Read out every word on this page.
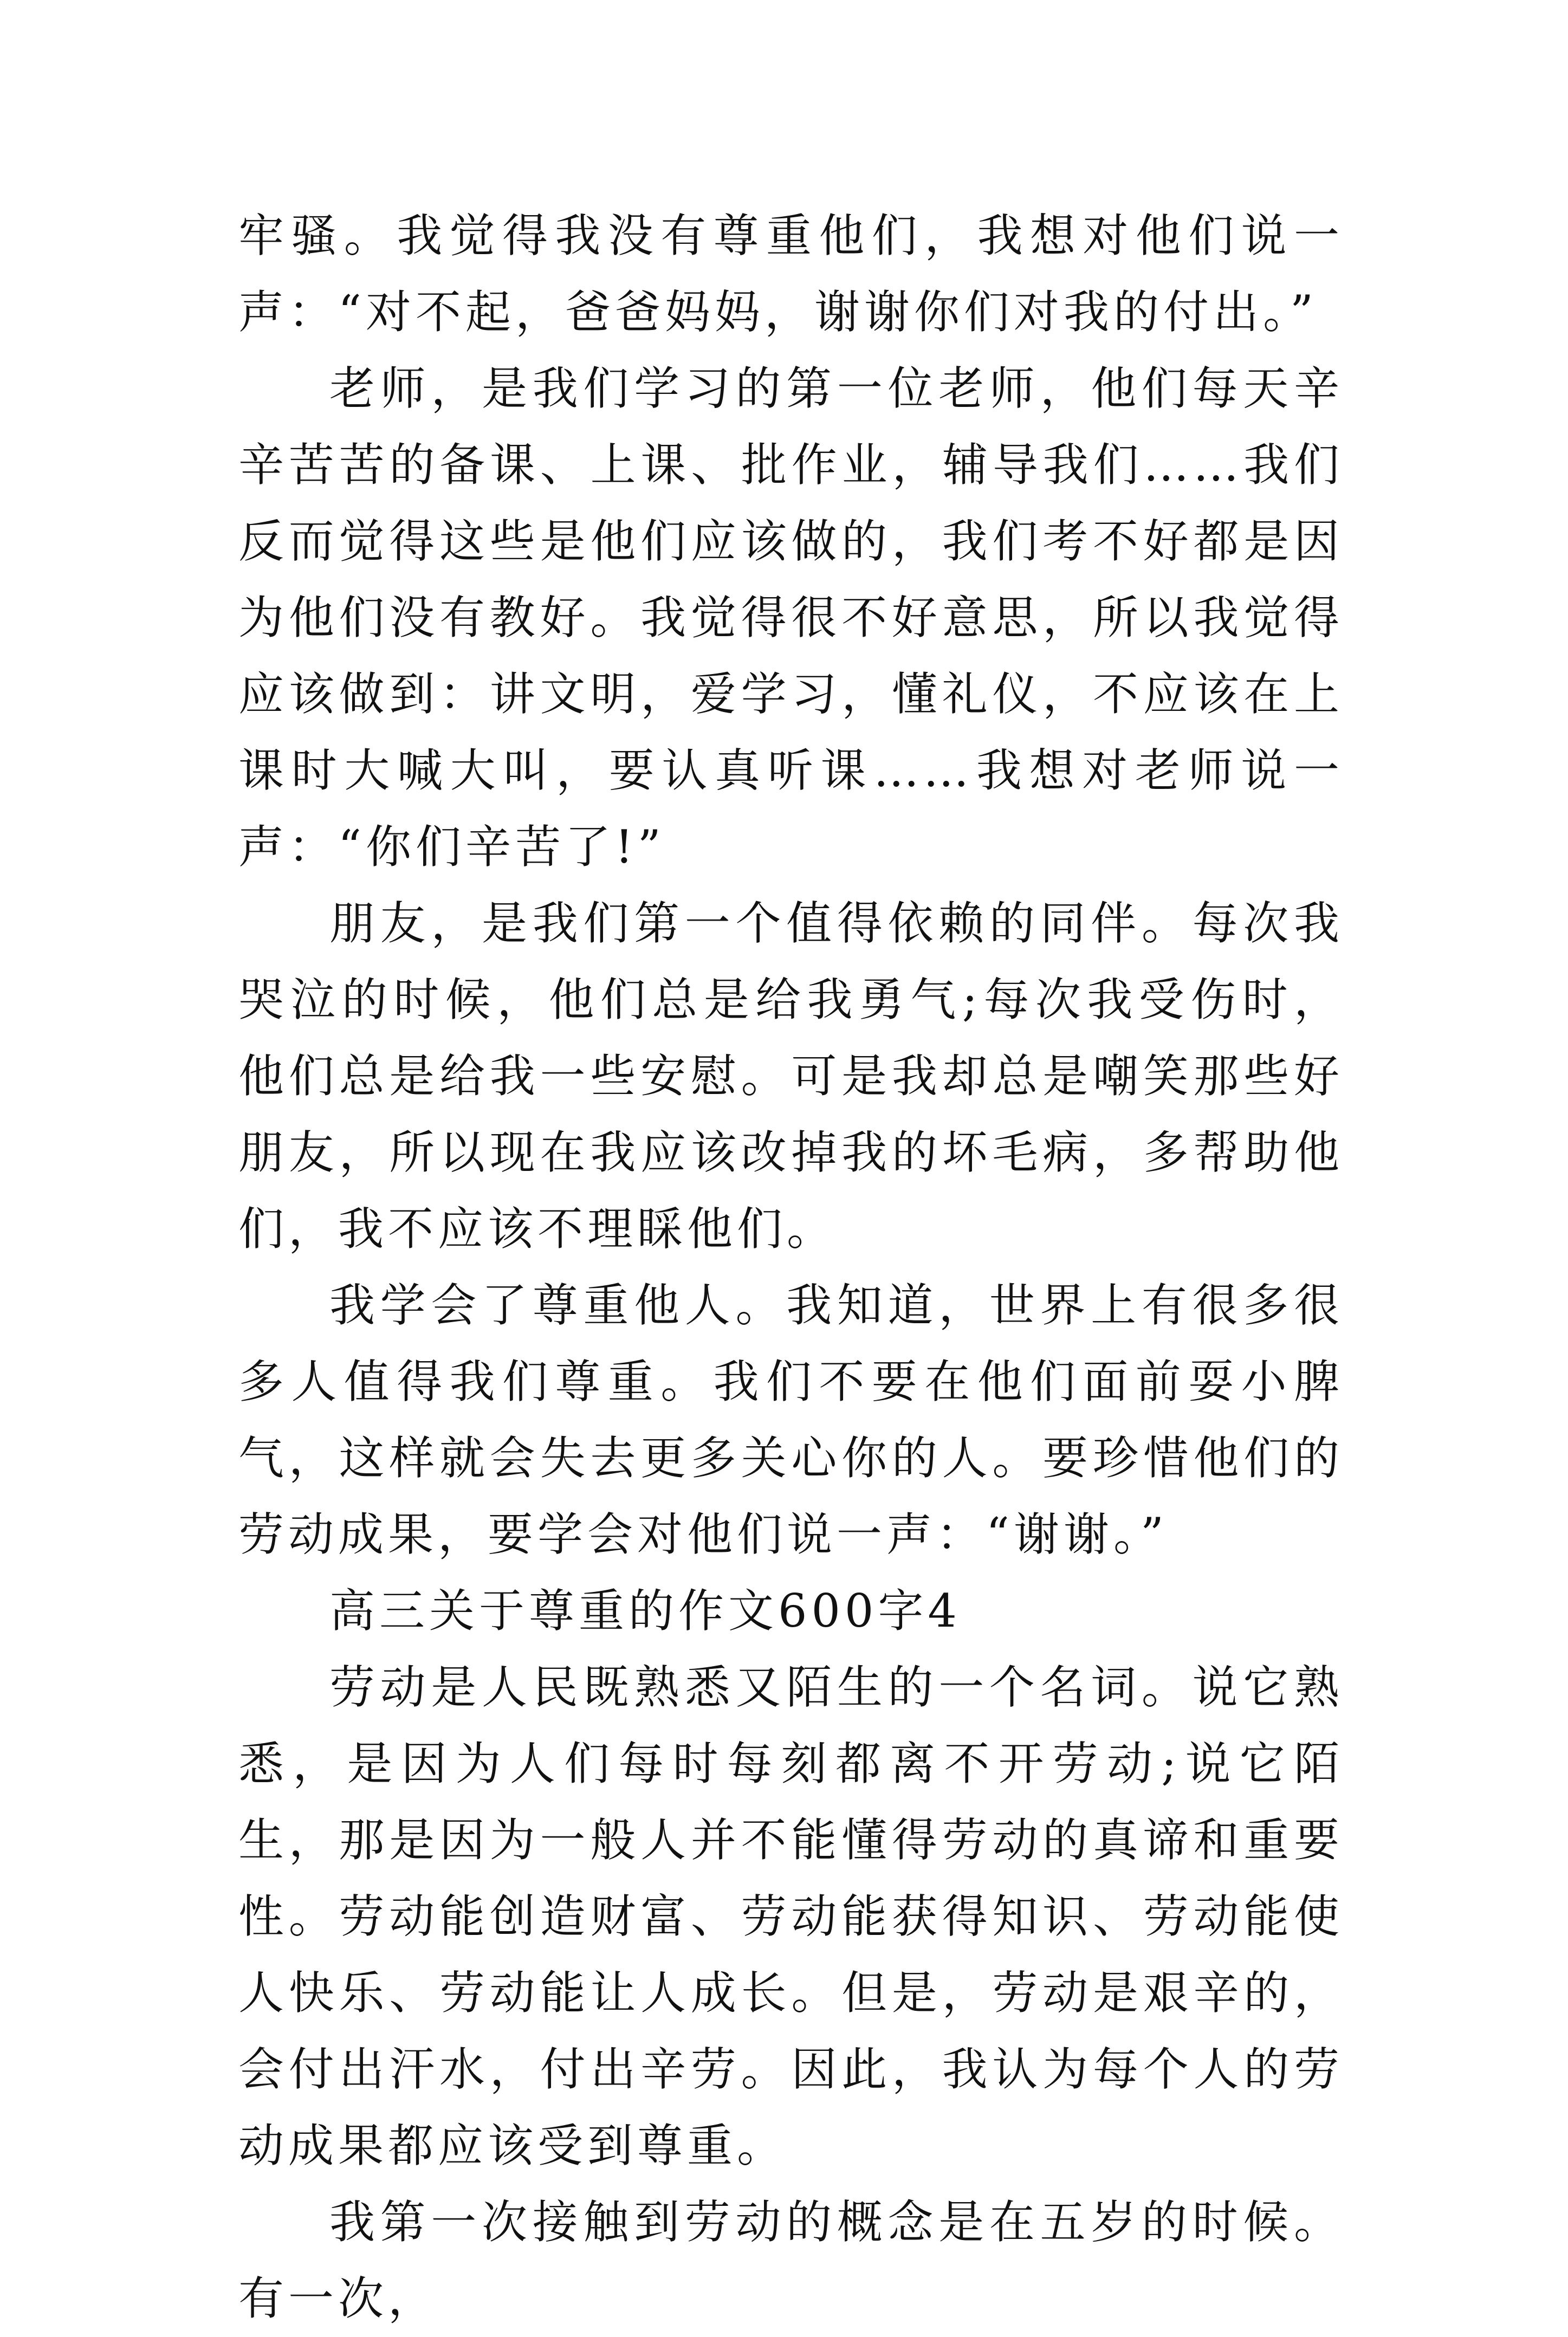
牢骚。我觉得我没有尊重他们，我想对他们说一声：“对不起，爸爸妈妈，谢谢你们对我的付出。”

老师，是我们学习的第一位老师，他们每天辛辛苦苦的备课、上课、批作业，辅导我们……我们反而觉得这些是他们应该做的，我们考不好都是因为他们没有教好。我觉得很不好意思，所以我觉得应该做到：讲文明，爱学习，懂礼仪，不应该在上课时大喊大叫，要认真听课……我想对老师说一声：“你们辛苦了!”

朋友，是我们第一个值得依赖的同伴。每次我哭泣的时候，他们总是给我勇气;每次我受伤时，他们总是给我一些安慰。可是我却总是嘲笑那些好朋友，所以现在我应该改掉我的坏毛病，多帮助他们，我不应该不理睬他们。

我学会了尊重他人。我知道，世界上有很多很多人值得我们尊重。我们不要在他们面前耍小脾气，这样就会失去更多关心你的人。要珍惜他们的劳动成果，要学会对他们说一声：“谢谢。”

高三关于尊重的作文600字4

劳动是人民既熟悉又陌生的一个名词。说它熟悉，是因为人们每时每刻都离不开劳动;说它陌生，那是因为一般人并不能懂得劳动的真谛和重要性。劳动能创造财富、劳动能获得知识、劳动能使人快乐、劳动能让人成长。但是，劳动是艰辛的，会付出汗水，付出辛劳。因此，我认为每个人的劳动成果都应该受到尊重。

我第一次接触到劳动的概念是在五岁的时候。有一次，
